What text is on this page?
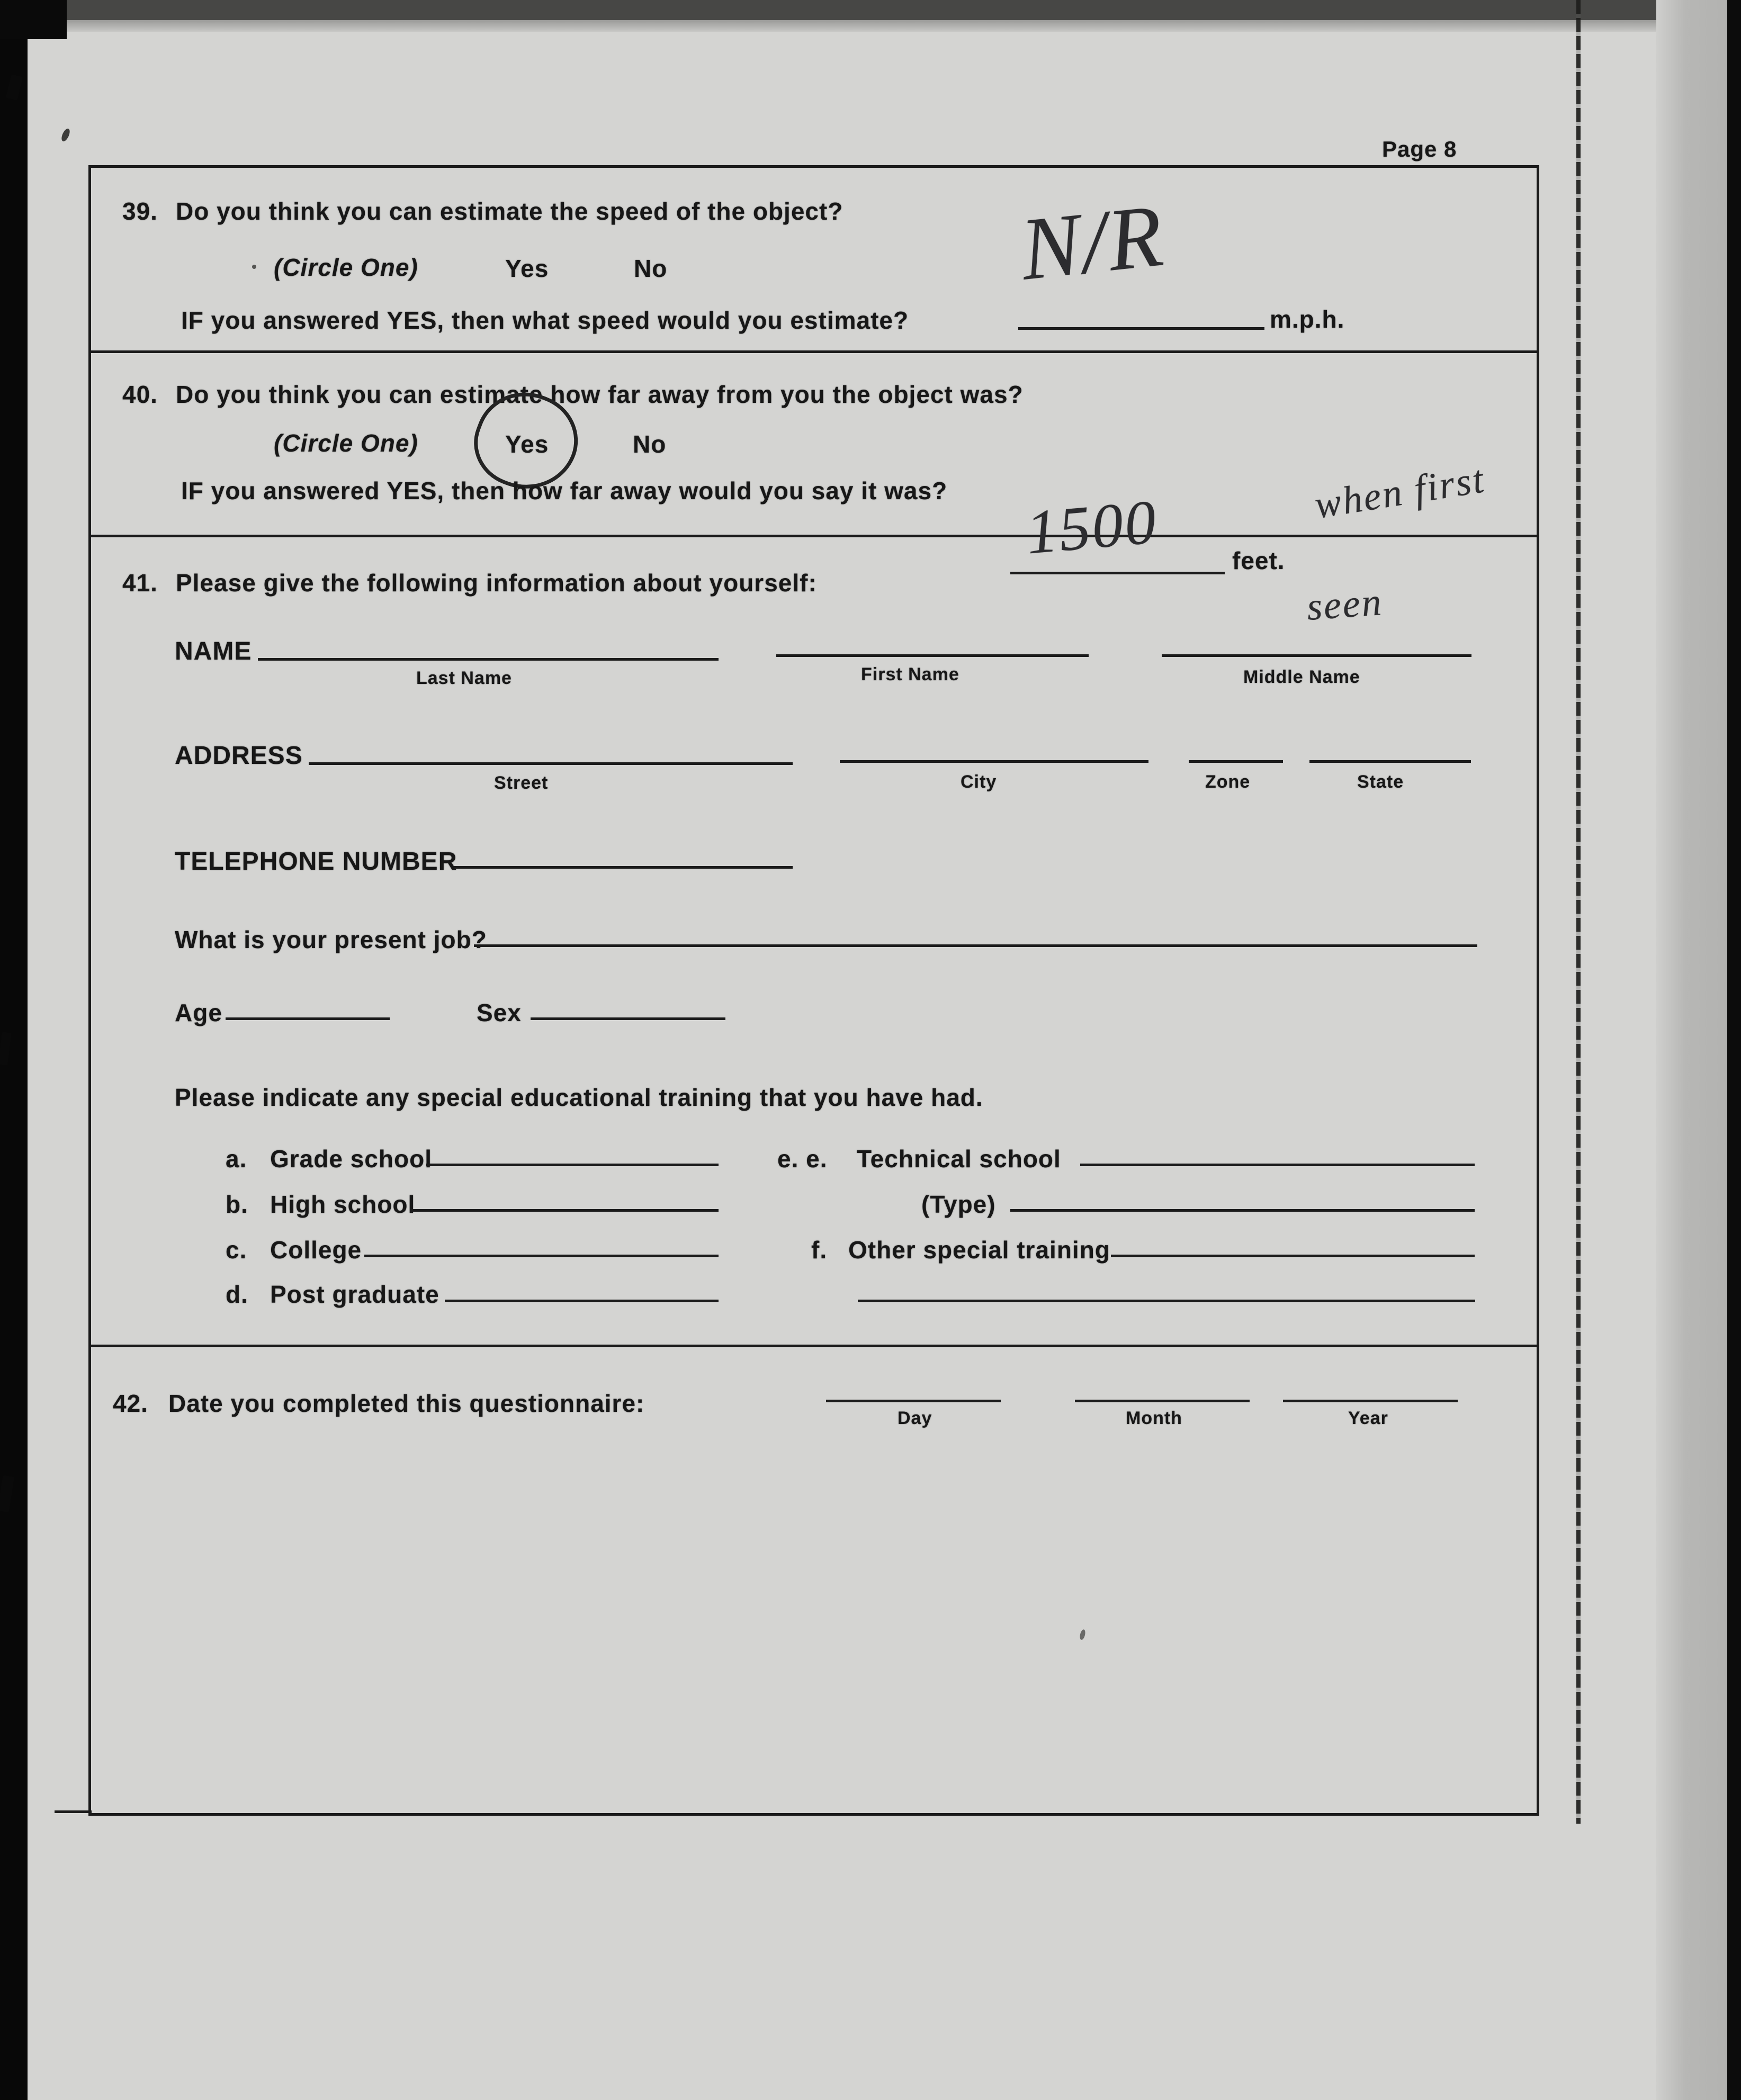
Page 8
39. Do you think you can estimate the speed of the object?
(Circle One)	Yes	No
IF you answered YES, then what speed would you estimate?	m.p.h.
N/R
40. Do you think you can estimate how far away from you the object was?
(Circle One)	Yes	No
IF you answered YES, then how far away would you say it was? 1500	feet.
when first
seen
41. Please give the following information about yourself:
NAME
Last Name	First Name	Middle Name
ADDRESS
Street	City	Zone	State
TELEPHONE NUMBER
What is your present job?
Age	Sex
Please indicate any special educational training that you have had.
a. Grade school
b. High school
c. College
d. Post graduate
e. e. Technical school
(Type)
f. Other special training
42. Date you completed this questionnaire:
Day	Month	Year
